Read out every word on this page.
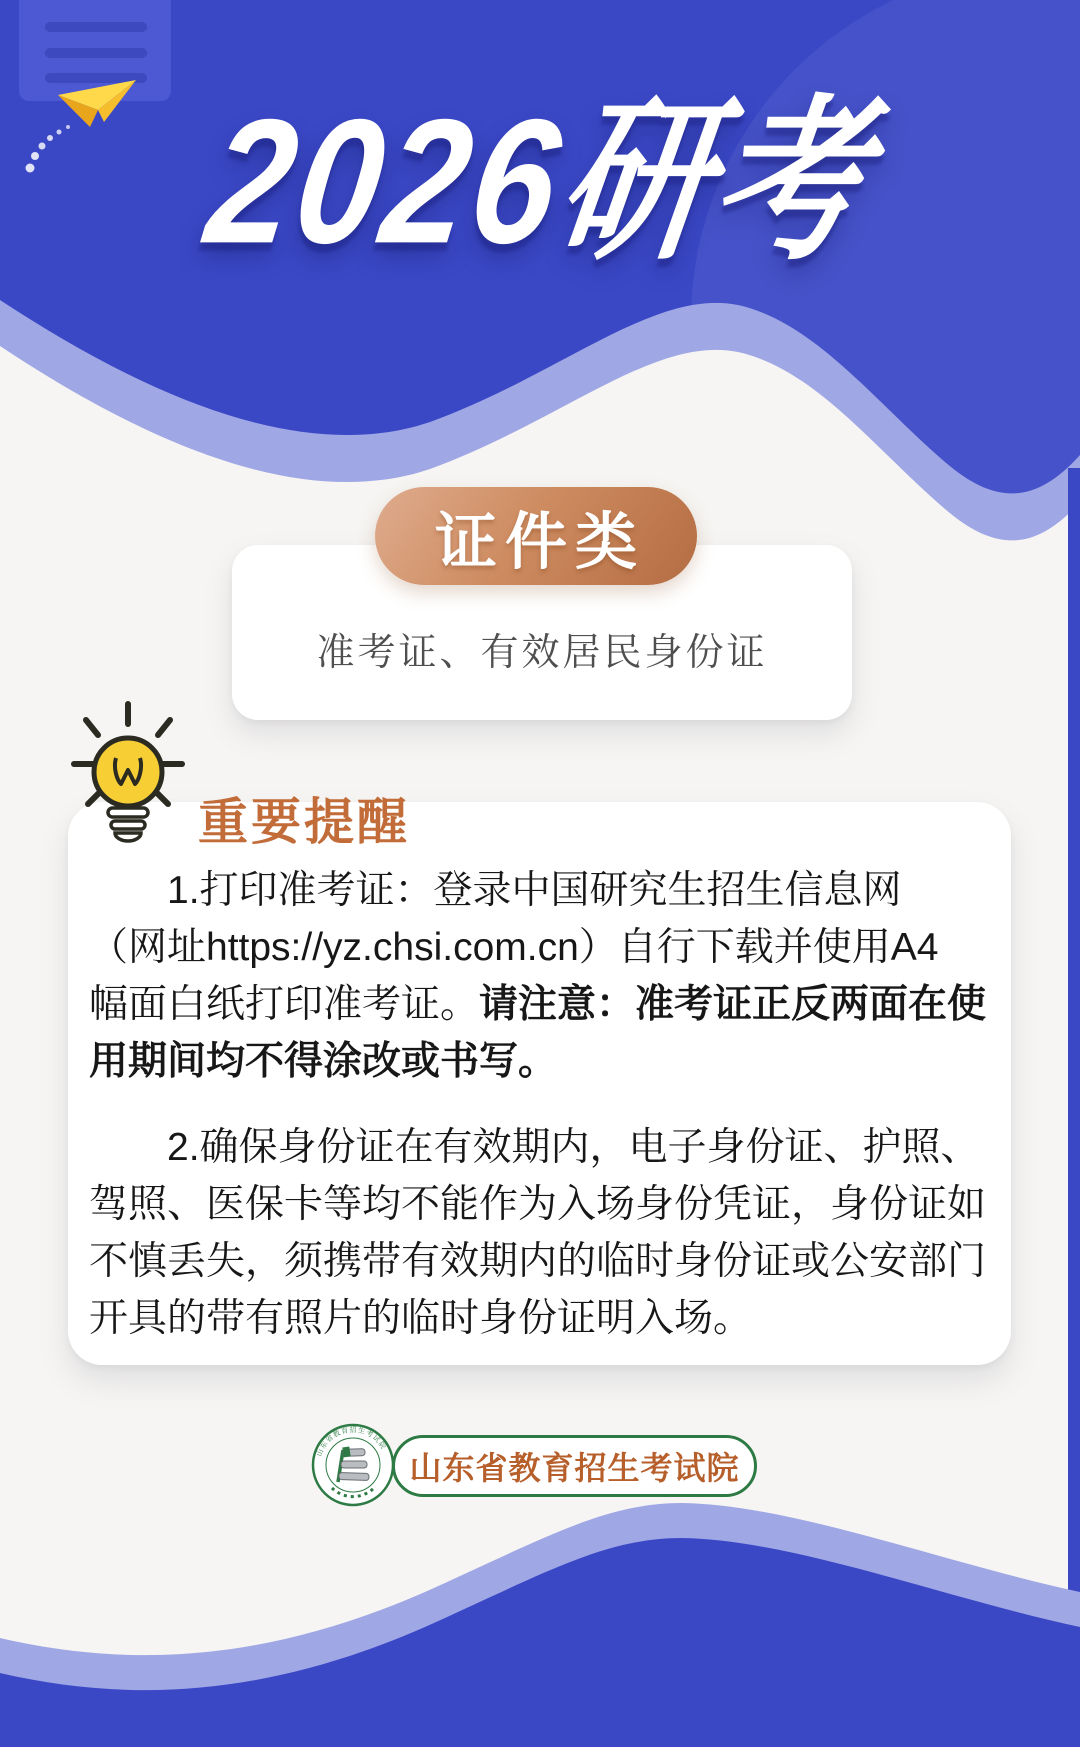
2026研考
证件类
准考证、有效居民身份证
重要提醒
　　1.打印准考证：登录中国研究生招生信息网
（网址https://yz.chsi.com.cn）自行下载并使用A4
幅面白纸打印准考证。请注意：准考证正反两面在使
用期间均不得涂改或书写。
　　2.确保身份证在有效期内，电子身份证、护照、
驾照、医保卡等均不能作为入场身份凭证，身份证如
不慎丢失，须携带有效期内的临时身份证或公安部门
开具的带有照片的临时身份证明入场。
山东省教育招生考试院
山东省教育招生考试院
